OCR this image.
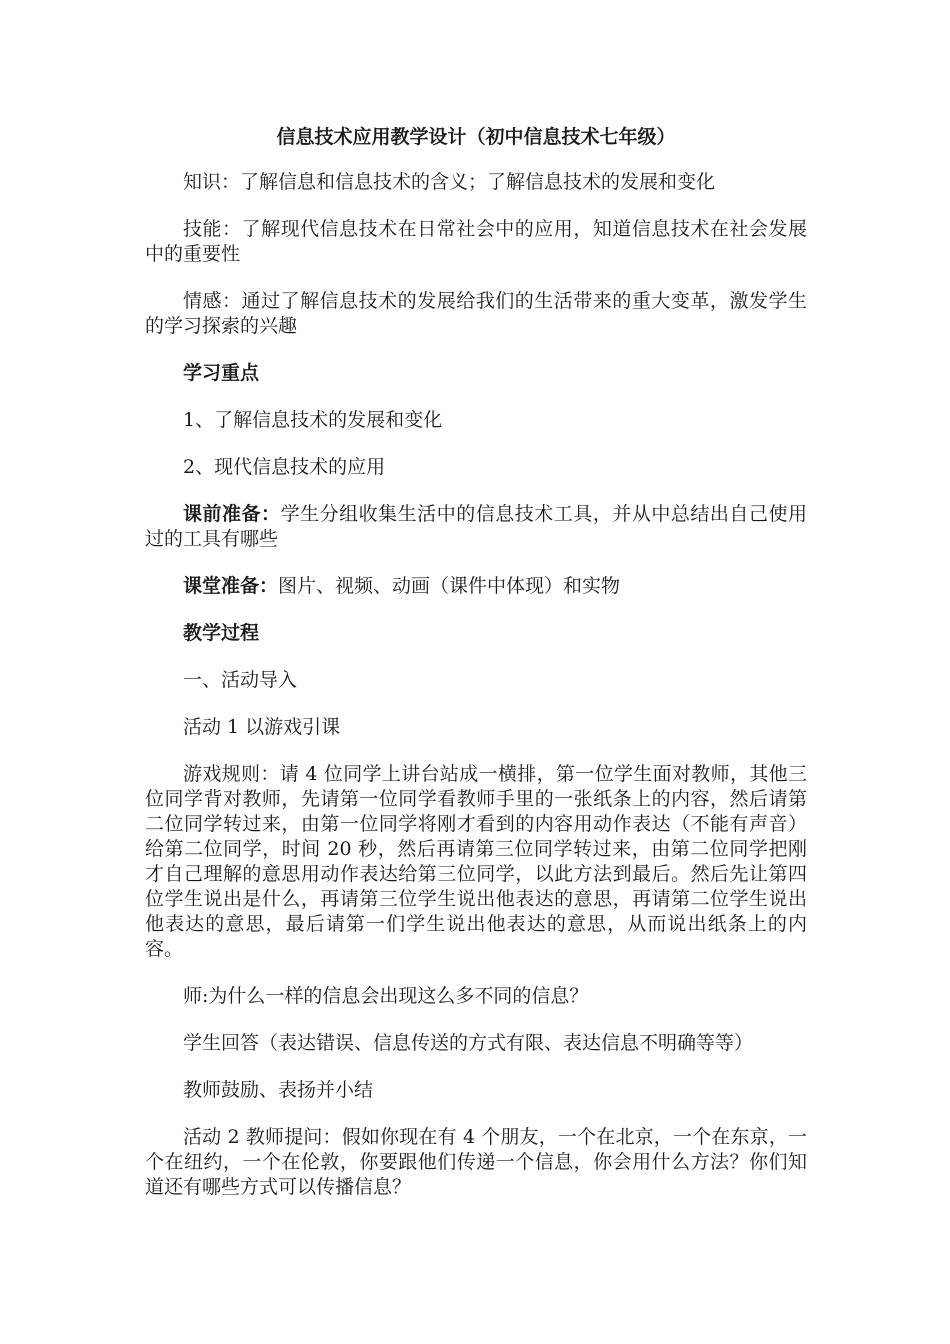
信息技术应用教学设计（初中信息技术七年级）

知识：了解信息和信息技术的含义；了解信息技术的发展和变化

技能：了解现代信息技术在日常社会中的应用，知道信息技术在社会发展中的重要性

情感：通过了解信息技术的发展给我们的生活带来的重大变革，激发学生的学习探索的兴趣

学习重点

1、了解信息技术的发展和变化

2、现代信息技术的应用

课前准备：学生分组收集生活中的信息技术工具，并从中总结出自己使用过的工具有哪些

课堂准备：图片、视频、动画（课件中体现）和实物

教学过程

一、活动导入

活动 1 以游戏引课

游戏规则：请 4 位同学上讲台站成一横排，第一位学生面对教师，其他三位同学背对教师，先请第一位同学看教师手里的一张纸条上的内容，然后请第二位同学转过来，由第一位同学将刚才看到的内容用动作表达（不能有声音）给第二位同学，时间 20 秒，然后再请第三位同学转过来，由第二位同学把刚才自己理解的意思用动作表达给第三位同学，以此方法到最后。然后先让第四位学生说出是什么，再请第三位学生说出他表达的意思，再请第二位学生说出他表达的意思，最后请第一们学生说出他表达的意思，从而说出纸条上的内容。

师:为什么一样的信息会出现这么多不同的信息？

学生回答（表达错误、信息传送的方式有限、表达信息不明确等等）

教师鼓励、表扬并小结

活动 2 教师提问：假如你现在有 4 个朋友，一个在北京，一个在东京，一个在纽约，一个在伦敦，你要跟他们传递一个信息，你会用什么方法？你们知道还有哪些方式可以传播信息？
